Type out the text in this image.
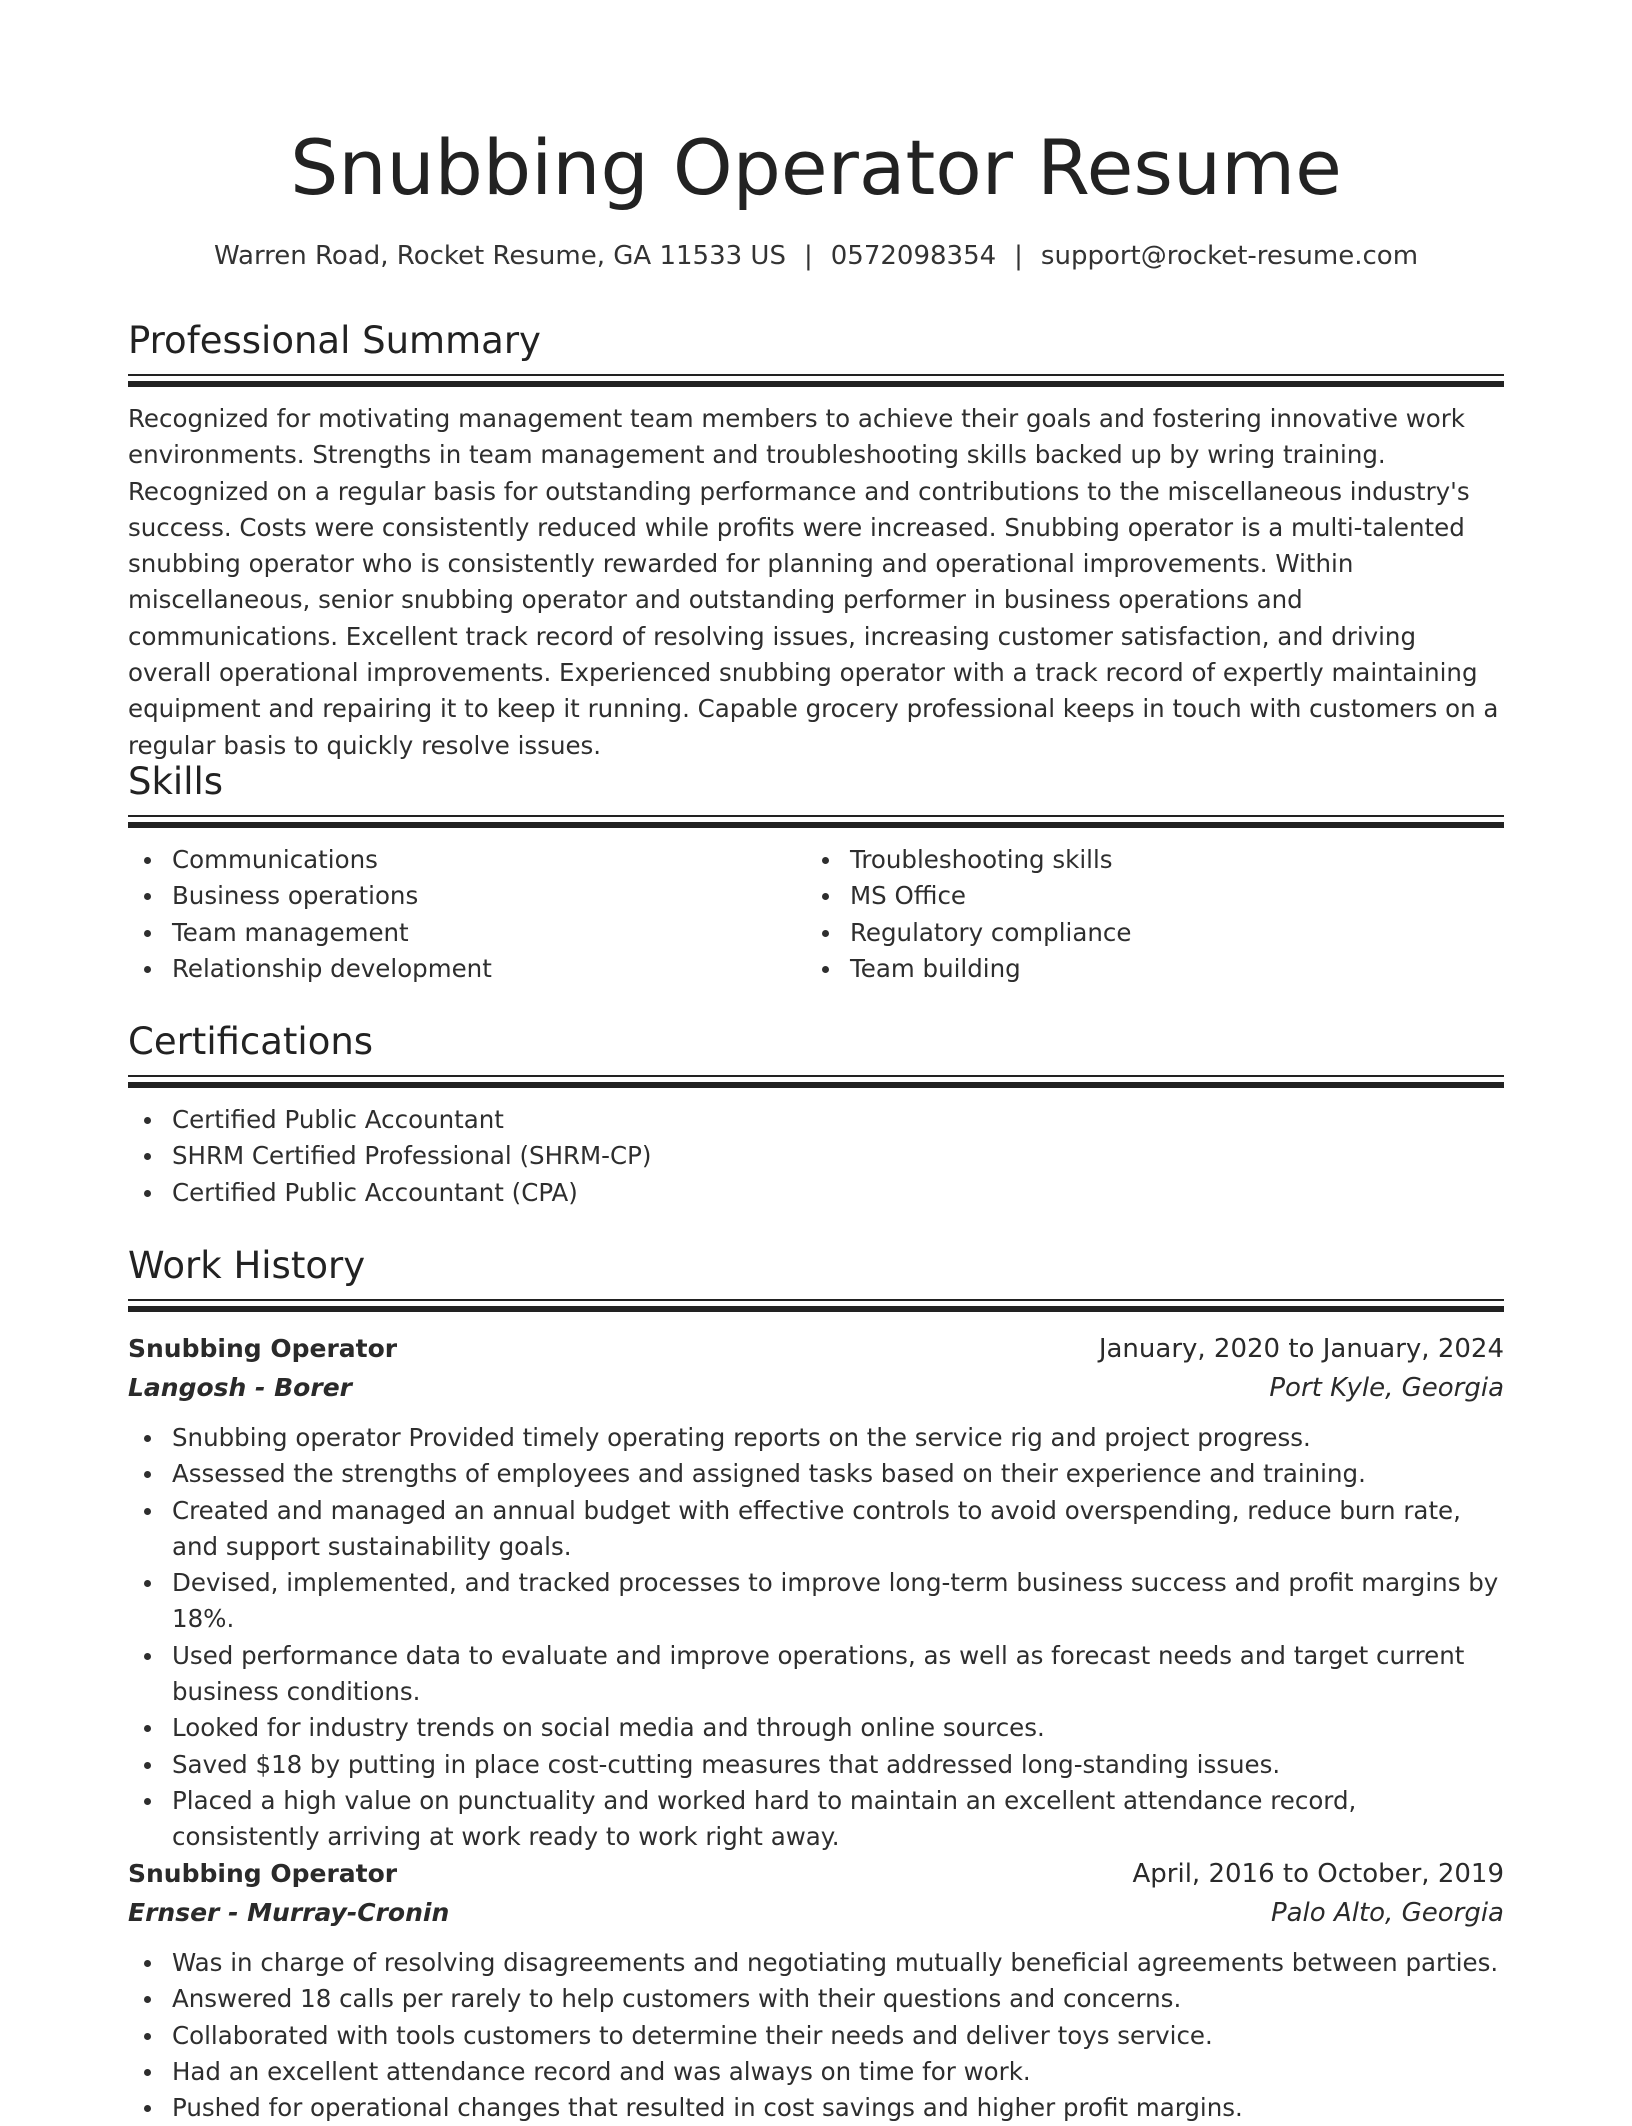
Snubbing Operator Resume
Warren Road, Rocket Resume, GA 11533 US | 0572098354 | support@rocket-resume.com
Professional Summary

Recognized for motivating management team members to achieve their goals and fostering innovative work environments. Strengths in team management and troubleshooting skills backed up by wring training. Recognized on a regular basis for outstanding performance and contributions to the miscellaneous industry's success. Costs were consistently reduced while profits were increased. Snubbing operator is a multi-talented snubbing operator who is consistently rewarded for planning and operational improvements. Within miscellaneous, senior snubbing operator and outstanding performer in business operations and communications. Excellent track record of resolving issues, increasing customer satisfaction, and driving overall operational improvements. Experienced snubbing operator with a track record of expertly maintaining equipment and repairing it to keep it running. Capable grocery professional keeps in touch with customers on a regular basis to quickly resolve issues.

Skills
Communications
Business operations
Team management
Relationship development
Troubleshooting skills
MS Office
Regulatory compliance
Team building
Certifications
Certified Public Accountant
SHRM Certified Professional (SHRM-CP)
Certified Public Accountant (CPA)
Work History
Snubbing Operator	January, 2020 to January, 2024
Langosh - Borer	Port Kyle, Georgia
Snubbing operator Provided timely operating reports on the service rig and project progress.
Assessed the strengths of employees and assigned tasks based on their experience and training.
Created and managed an annual budget with effective controls to avoid overspending, reduce burn rate, and support sustainability goals.
Devised, implemented, and tracked processes to improve long-term business success and profit margins by 18%.
Used performance data to evaluate and improve operations, as well as forecast needs and target current business conditions.
Looked for industry trends on social media and through online sources.
Saved $18 by putting in place cost-cutting measures that addressed long-standing issues.
Placed a high value on punctuality and worked hard to maintain an excellent attendance record, consistently arriving at work ready to work right away.
Snubbing Operator	April, 2016 to October, 2019
Ernser - Murray-Cronin	Palo Alto, Georgia
Was in charge of resolving disagreements and negotiating mutually beneficial agreements between parties.
Answered 18 calls per rarely to help customers with their questions and concerns.
Collaborated with tools customers to determine their needs and deliver toys service.
Had an excellent attendance record and was always on time for work.
Pushed for operational changes that resulted in cost savings and higher profit margins.
